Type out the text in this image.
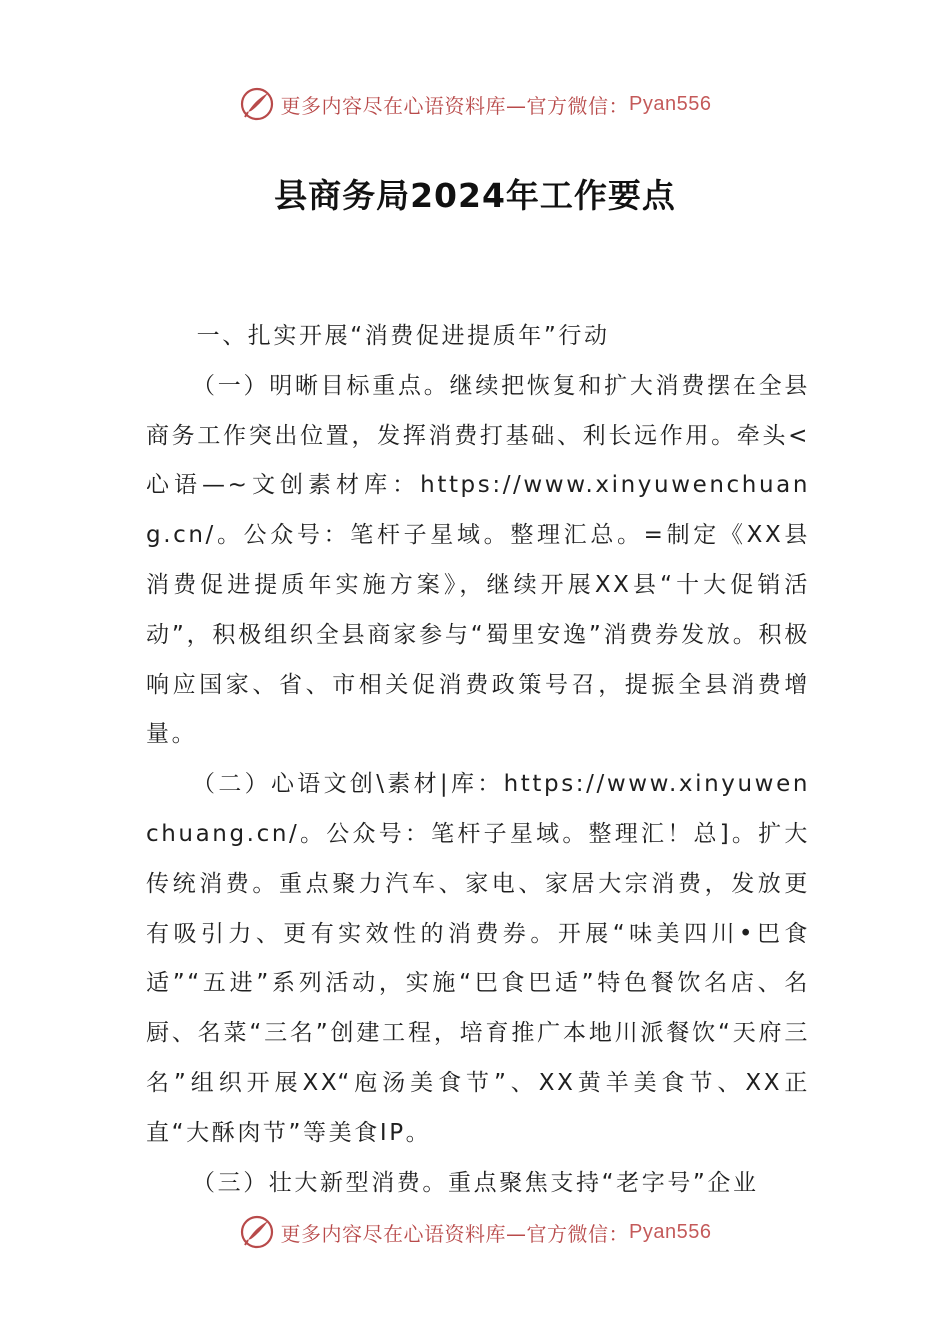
更多内容尽在心语资料库—官方微信： Pyan556
县商务局2024年工作要点

一、扎实开展“消费促进提质年”行动

（一）明晰目标重点。继续把恢复和扩大消费摆在全县商务工作突出位置，发挥消费打基础、利长远作用。牵头<心语—~文创素材库：https://www.xinyuwenchuang.cn/。公众号：笔杆子星域。整理汇总。=制定《XX县消费促进提质年实施方案》，继续开展XX县“十大促销活动”，积极组织全县商家参与“蜀里安逸”消费券发放。积极响应国家、省、市相关促消费政策号召，提振全县消费增量。

（二）心语文创\素材|库：https://www.xinyuwenchuang.cn/。公众号：笔杆子星域。整理汇！总]。扩大传统消费。重点聚力汽车、家电、家居大宗消费，发放更有吸引力、更有实效性的消费券。开展“味美四川•巴食适”“五进”系列活动，实施“巴食巴适”特色餐饮名店、名厨、名菜“三名”创建工程，培育推广本地川派餐饮“天府三名”组织开展XX“庖汤美食节”、XX黄羊美食节、XX正直“大酥肉节”等美食IP。

（三）壮大新型消费。重点聚焦支持“老字号”企业

更多内容尽在心语资料库—官方微信： Pyan556
